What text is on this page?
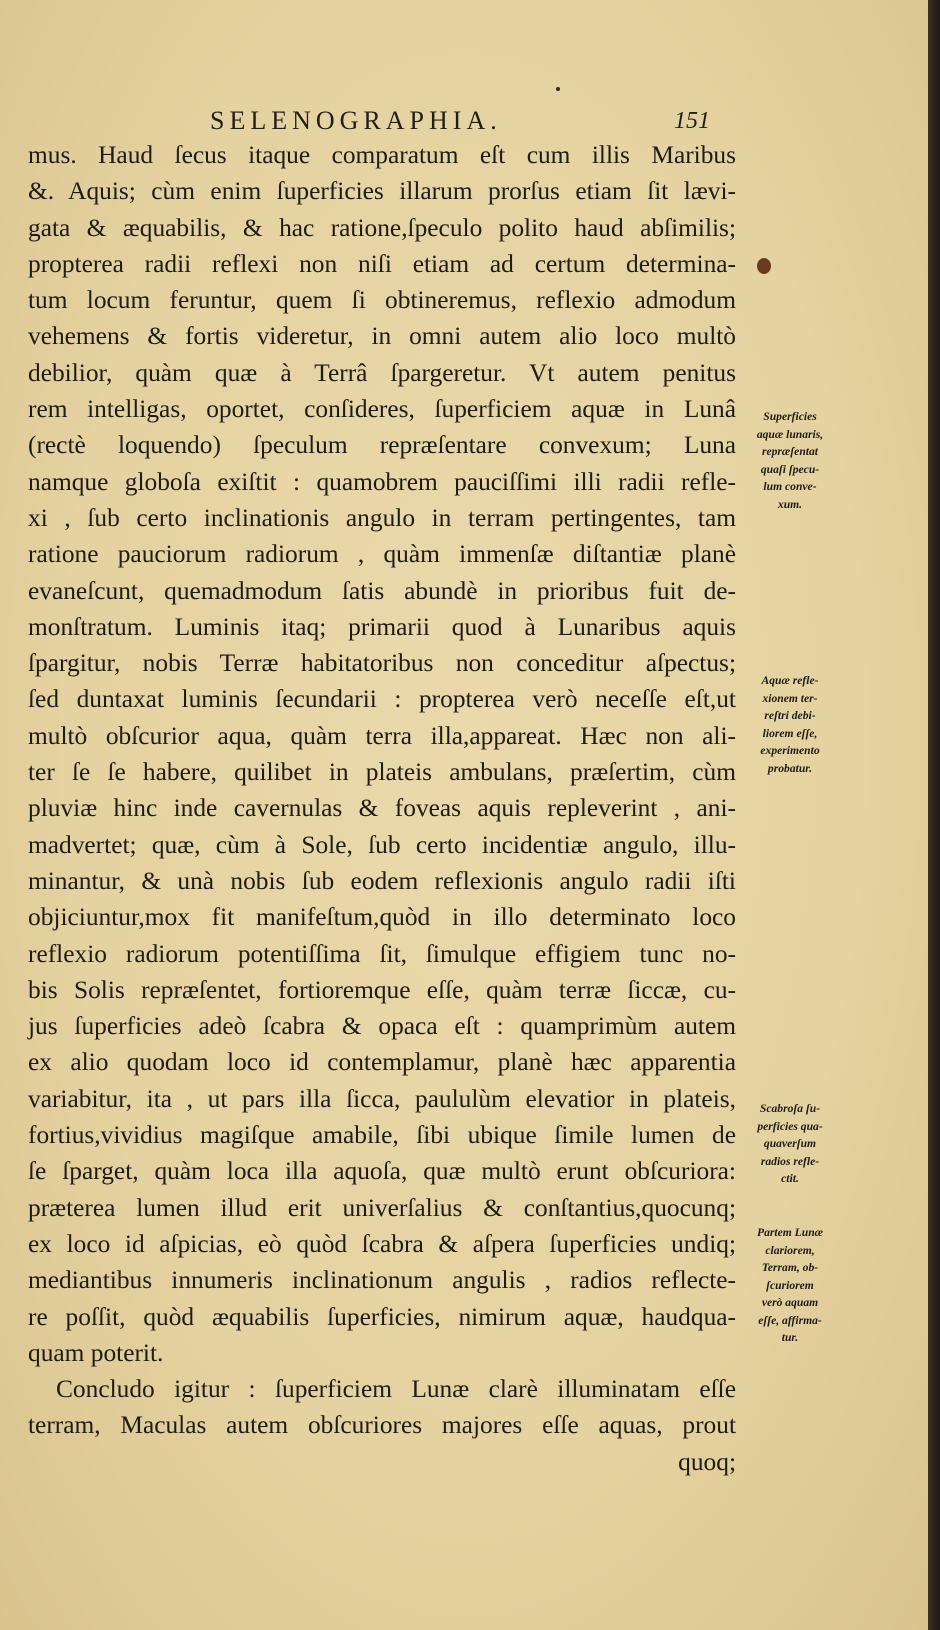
SELENOGRAPHIA.	151
mus. Haud ſecus itaque comparatum eſt cum illis Maribus
&. Aquis; cùm enim ſuperficies illarum prorſus etiam ſit lævi-
gata & æquabilis, & hac ratione,ſpeculo polito haud abſimilis;
propterea radii reflexi non niſi etiam ad certum determina-
tum locum feruntur, quem ſi obtineremus, reflexio admodum
vehemens & fortis videretur, in omni autem alio loco multò
debilior, quàm quæ à Terrâ ſpargeretur. Vt autem penitus
rem intelligas, oportet, conſideres, ſuperficiem aquæ in Lunâ
(rectè loquendo) ſpeculum repræſentare convexum; Luna
namque globoſa exiſtit : quamobrem pauciſſimi illi radii refle-
xi , ſub certo inclinationis angulo in terram pertingentes, tam
ratione pauciorum radiorum , quàm immenſæ diſtantiæ planè
evaneſcunt, quemadmodum ſatis abundè in prioribus fuit de-
monſtratum. Luminis itaq; primarii quod à Lunaribus aquis
ſpargitur, nobis Terræ habitatoribus non conceditur aſpectus;
ſed duntaxat luminis ſecundarii : propterea verò neceſſe eſt,ut
multò obſcurior aqua, quàm terra illa,appareat. Hæc non ali-
ter ſe ſe habere, quilibet in plateis ambulans, præſertim, cùm
pluviæ hinc inde cavernulas & foveas aquis repleverint , ani-
madvertet; quæ, cùm à Sole, ſub certo incidentiæ angulo, illu-
minantur, & unà nobis ſub eodem reflexionis angulo radii iſti
objiciuntur,mox fit manifeſtum,quòd in illo determinato loco
reflexio radiorum potentiſſima ſit, ſimulque effigiem tunc no-
bis Solis repræſentet, fortioremque eſſe, quàm terræ ſiccæ, cu-
jus ſuperficies adeò ſcabra & opaca eſt : quamprimùm autem
ex alio quodam loco id contemplamur, planè hæc apparentia
variabitur, ita , ut pars illa ſicca, paululùm elevatior in plateis,
fortius,vividius magiſque amabile, ſibi ubique ſimile lumen de
ſe ſparget, quàm loca illa aquoſa, quæ multò erunt obſcuriora:
præterea lumen illud erit univerſalius & conſtantius,quocunq;
ex loco id aſpicias, eò quòd ſcabra & aſpera ſuperficies undiq;
mediantibus innumeris inclinationum angulis , radios reflecte-
re poſſit, quòd æquabilis ſuperficies, nimirum aquæ, haudqua-
quam poterit.
Concludo igitur : ſuperficiem Lunæ clarè illuminatam eſſe
terram, Maculas autem obſcuriores majores eſſe aquas, prout
quoq;
Superficies
aquæ lunaris,
repræſentat
quaſi ſpecu-
lum conve-
xum.
Aquæ refle-
xionem ter-
reſtri debi-
liorem eſſe,
experimento
probatur.
Scabroſa ſu-
perficies qua-
quaverſum
radios refle-
ctit.
Partem Lunæ
clariorem,
Terram, ob-
ſcuriorem
verò aquam
eſſe, affirma-
tur.
